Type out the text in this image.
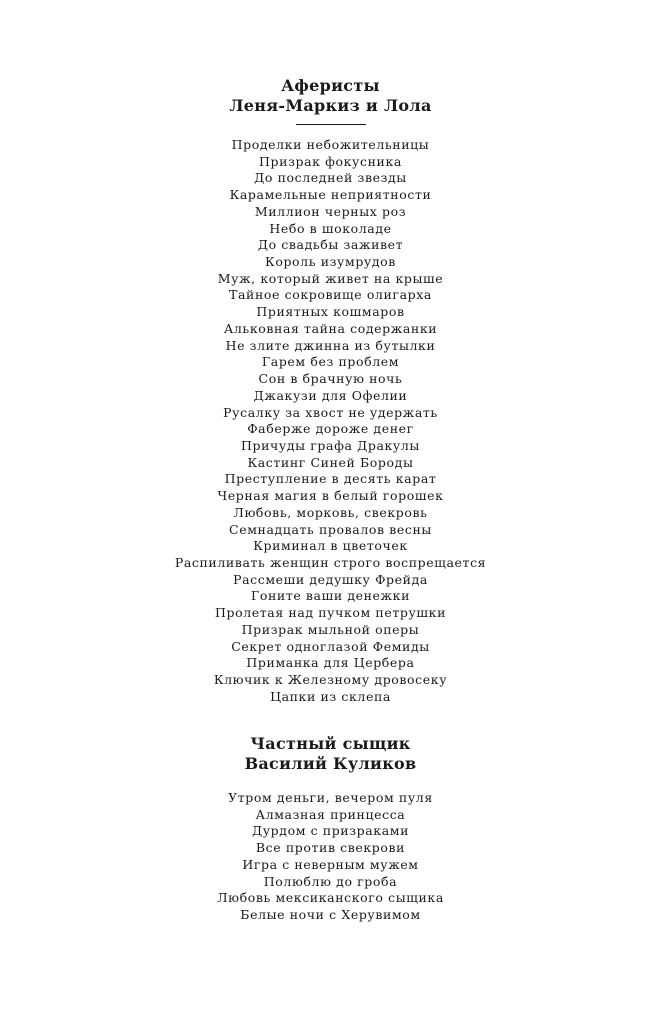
Аферисты
Леня-Маркиз и Лола
Проделки небожительницы
Призрак фокусника
До последней звезды
Карамельные неприятности
Миллион черных роз
Небо в шоколаде
До свадьбы заживет
Король изумрудов
Муж, который живет на крыше
Тайное сокровище олигарха
Приятных кошмаров
Альковная тайна содержанки
Не злите джинна из бутылки
Гарем без проблем
Сон в брачную ночь
Джакузи для Офелии
Русалку за хвост не удержать
Фаберже дороже денег
Причуды графа Дракулы
Кастинг Синей Бороды
Преступление в десять карат
Черная магия в белый горошек
Любовь, морковь, свекровь
Семнадцать провалов весны
Криминал в цветочек
Распиливать женщин строго воспрещается
Рассмеши дедушку Фрейда
Гоните ваши денежки
Пролетая над пучком петрушки
Призрак мыльной оперы
Секрет одноглазой Фемиды
Приманка для Цербера
Ключик к Железному дровосеку
Цапки из склепа
Частный сыщик
Василий Куликов
Утром деньги, вечером пуля
Алмазная принцесса
Дурдом с призраками
Все против свекрови
Игра с неверным мужем
Полюблю до гроба
Любовь мексиканского сыщика
Белые ночи с Херувимом
